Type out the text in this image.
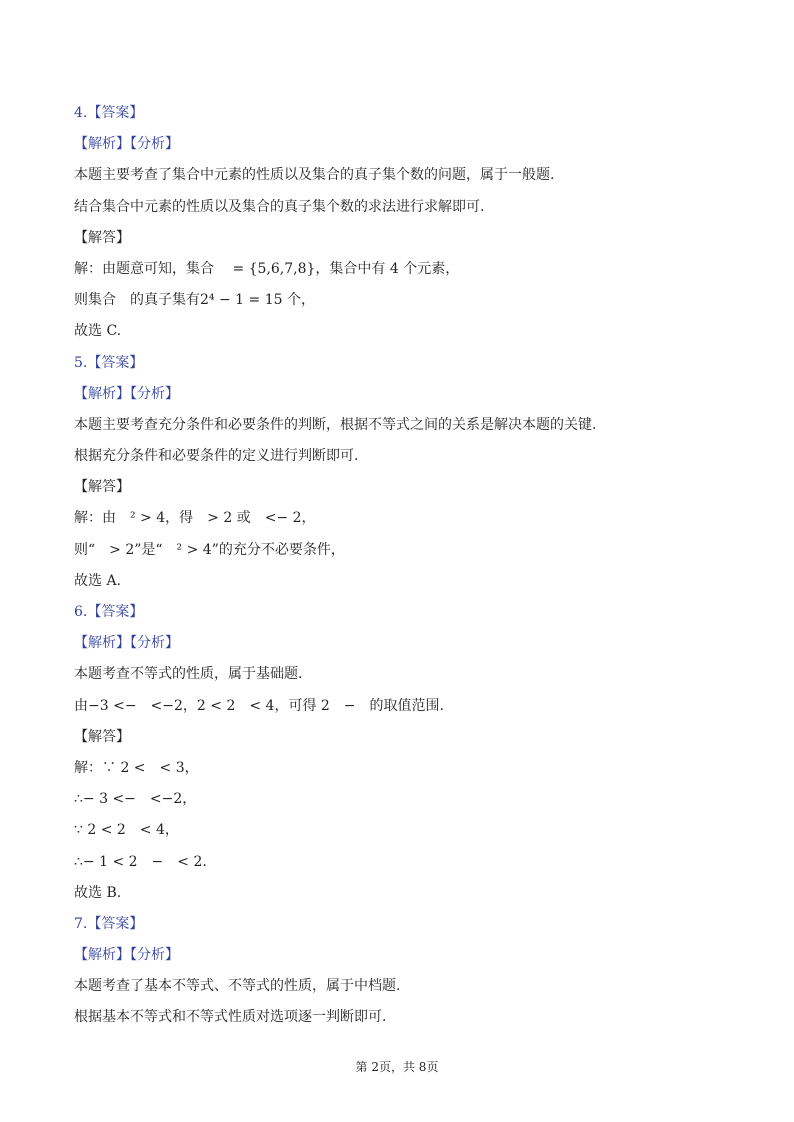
4.【答案】
【解析】【分析】
本题主要考查了集合中元素的性质以及集合的真子集个数的问题，属于一般题.
结合集合中元素的性质以及集合的真子集个数的求法进行求解即可.
【解答】
解：由题意可知，集合　 = {5,6,7,8}，集合中有 4 个元素，
则集合　的真子集有2⁴ − 1 = 15 个，
故选 C.
5.【答案】
【解析】【分析】
本题主要考查充分条件和必要条件的判断，根据不等式之间的关系是解决本题的关键.
根据充分条件和必要条件的定义进行判断即可.
【解答】
解：由　² > 4，得　> 2 或　<− 2，
则“　> 2”是“　² > 4”的充分不必要条件，
故选 A.
6.【答案】
【解析】【分析】
本题考查不等式的性质，属于基础题.
由−3 <−　<−2，2 < 2　< 4，可得 2　−　的取值范围.
【解答】
解：∵ 2 <　< 3，
∴− 3 <−　<−2，
∵ 2 < 2　< 4，
∴− 1 < 2　−　< 2.
故选 B.
7.【答案】
【解析】【分析】
本题考查了基本不等式、不等式的性质，属于中档题.
根据基本不等式和不等式性质对选项逐一判断即可.
第 2页，共 8页
